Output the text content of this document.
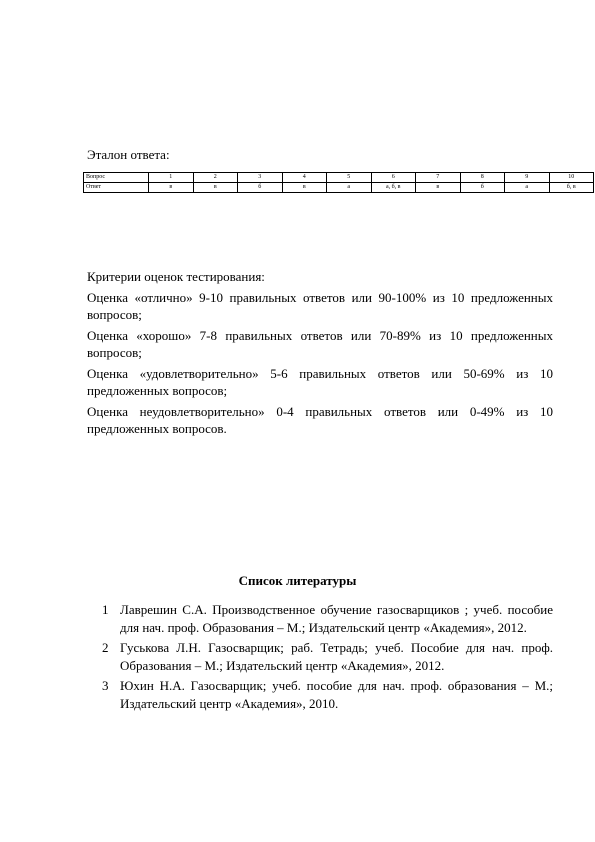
Эталон ответа:
Вопрос	1	2	3	4	5	6	7	8	9	10
Ответ	в	в	б	в	а	а, б, в	в	б	а	б, в

Критерии оценок тестирования:

Оценка «отлично» 9-10 правильных ответов или 90-100% из 10 предложенных вопросов;

Оценка «хорошо» 7-8 правильных ответов или 70-89% из 10 предложенных вопросов;

Оценка «удовлетворительно» 5-6 правильных ответов или 50-69% из 10 предложенных вопросов;

Оценка неудовлетворительно» 0-4 правильных ответов или 0-49% из 10 предложенных вопросов.

Список литературы
1 Лаврешин С.А. Производственное обучение газосварщиков ; учеб. пособие для нач. проф. Образования – М.; Издательский центр «Академия», 2012.
2 Гуськова Л.Н. Газосварщик; раб. Тетрадь; учеб. Пособие для нач. проф. Образования – М.; Издательский центр «Академия», 2012.
3 Юхин Н.А. Газосварщик; учеб. пособие для нач. проф. образования – М.; Издательский центр «Академия», 2010.
